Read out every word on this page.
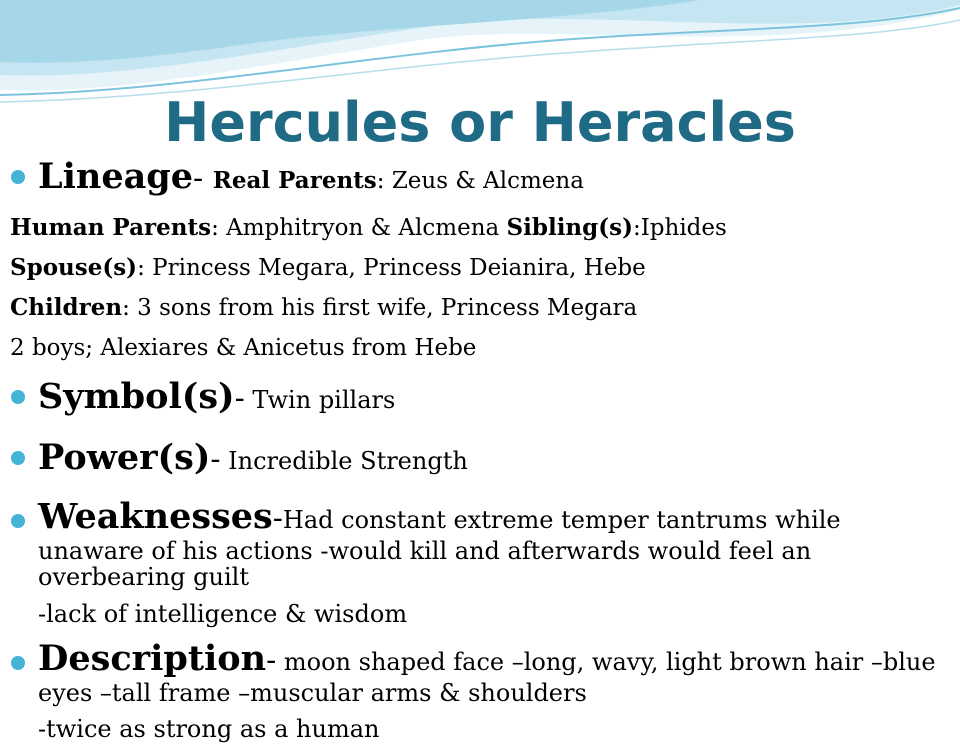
Hercules or Heracles

Lineage- Real Parents: Zeus & Alcmena

Human Parents: Amphitryon & Alcmena Sibling(s):Iphides

Spouse(s): Princess Megara, Princess Deianira, Hebe

Children: 3 sons from his first wife, Princess Megara

2 boys; Alexiares & Anicetus from Hebe

Symbol(s)- Twin pillars

Power(s)- Incredible Strength

Weaknesses-Had constant extreme temper tantrums while unaware of his actions -would kill and afterwards would feel an overbearing guilt

-lack of intelligence & wisdom

Description- moon shaped face –long, wavy, light brown hair –blue eyes –tall frame –muscular arms & shoulders

-twice as strong as a human
